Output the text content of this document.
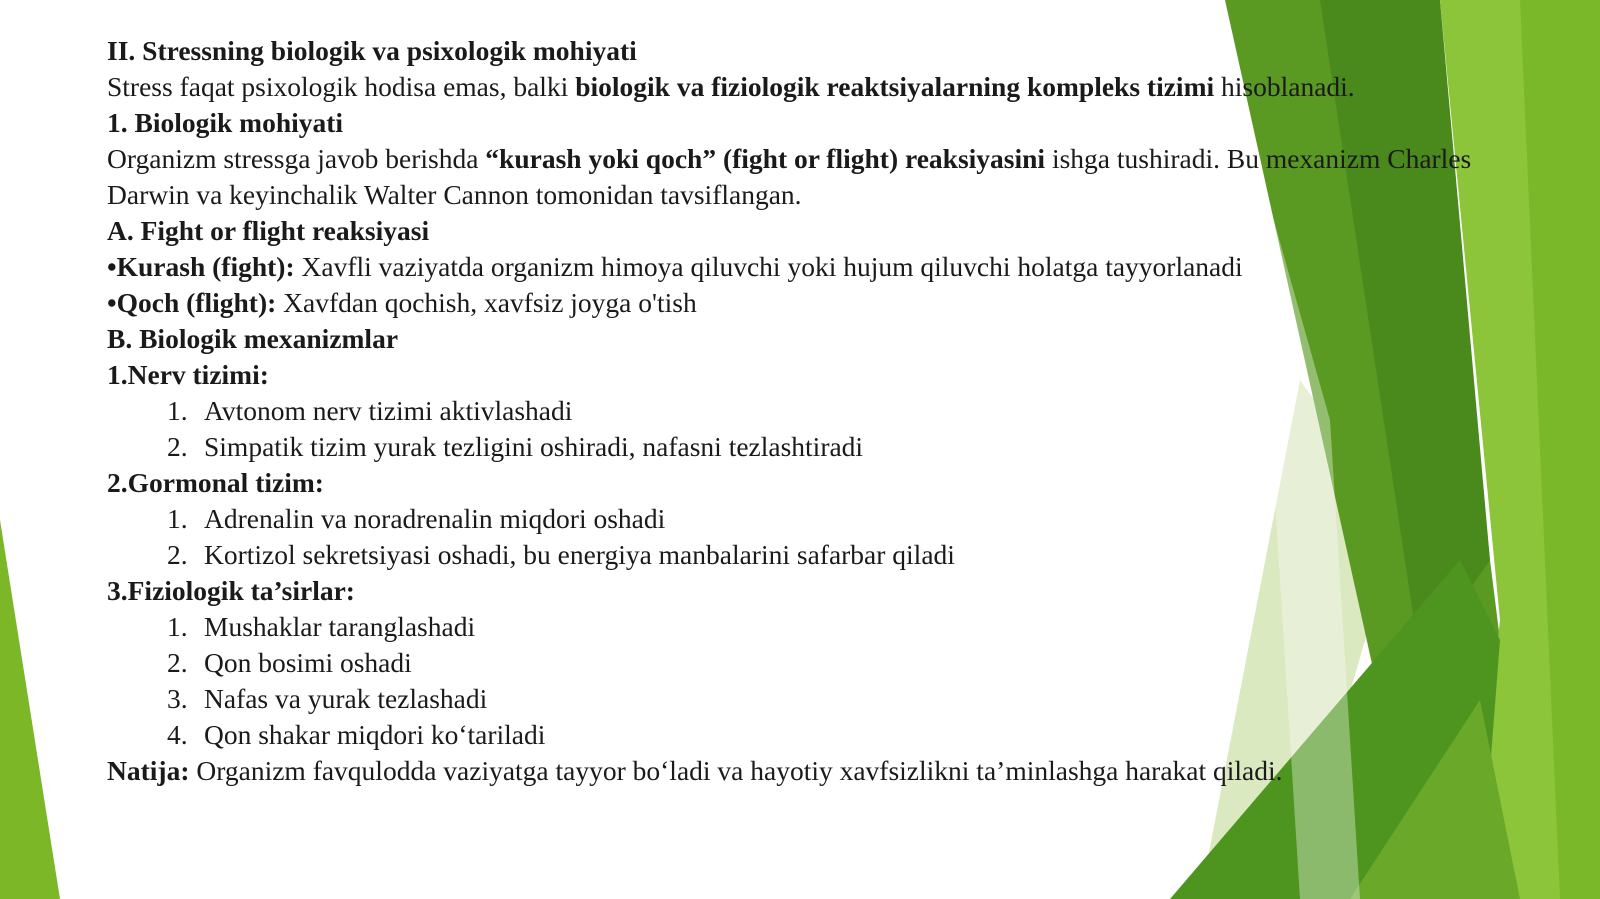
II. Stressning biologik va psixologik mohiyati

Stress faqat psixologik hodisa emas, balki biologik va fiziologik reaktsiyalarning kompleks tizimi hisoblanadi.

1. Biologik mohiyati

Organizm stressga javob berishda “kurash yoki qoch” (fight or flight) reaksiyasini ishga tushiradi. Bu mexanizm Charles Darwin va keyinchalik Walter Cannon tomonidan tavsiflangan.

A. Fight or flight reaksiyasi

•Kurash (fight): Xavfli vaziyatda organizm himoya qiluvchi yoki hujum qiluvchi holatga tayyorlanadi

•Qoch (flight): Xavfdan qochish, xavfsiz joyga o'tish

B. Biologik mexanizmlar

1.Nerv tizimi:

1. Avtonom nerv tizimi aktivlashadi
2. Simpatik tizim yurak tezligini oshiradi, nafasni tezlashtiradi

2.Gormonal tizim:

1. Adrenalin va noradrenalin miqdori oshadi
2. Kortizol sekretsiyasi oshadi, bu energiya manbalarini safarbar qiladi

3.Fiziologik ta’sirlar:

1. Mushaklar taranglashadi
2. Qon bosimi oshadi
3. Nafas va yurak tezlashadi
4. Qon shakar miqdori ko‘tariladi

Natija: Organizm favqulodda vaziyatga tayyor bo‘ladi va hayotiy xavfsizlikni ta’minlashga harakat qiladi.
